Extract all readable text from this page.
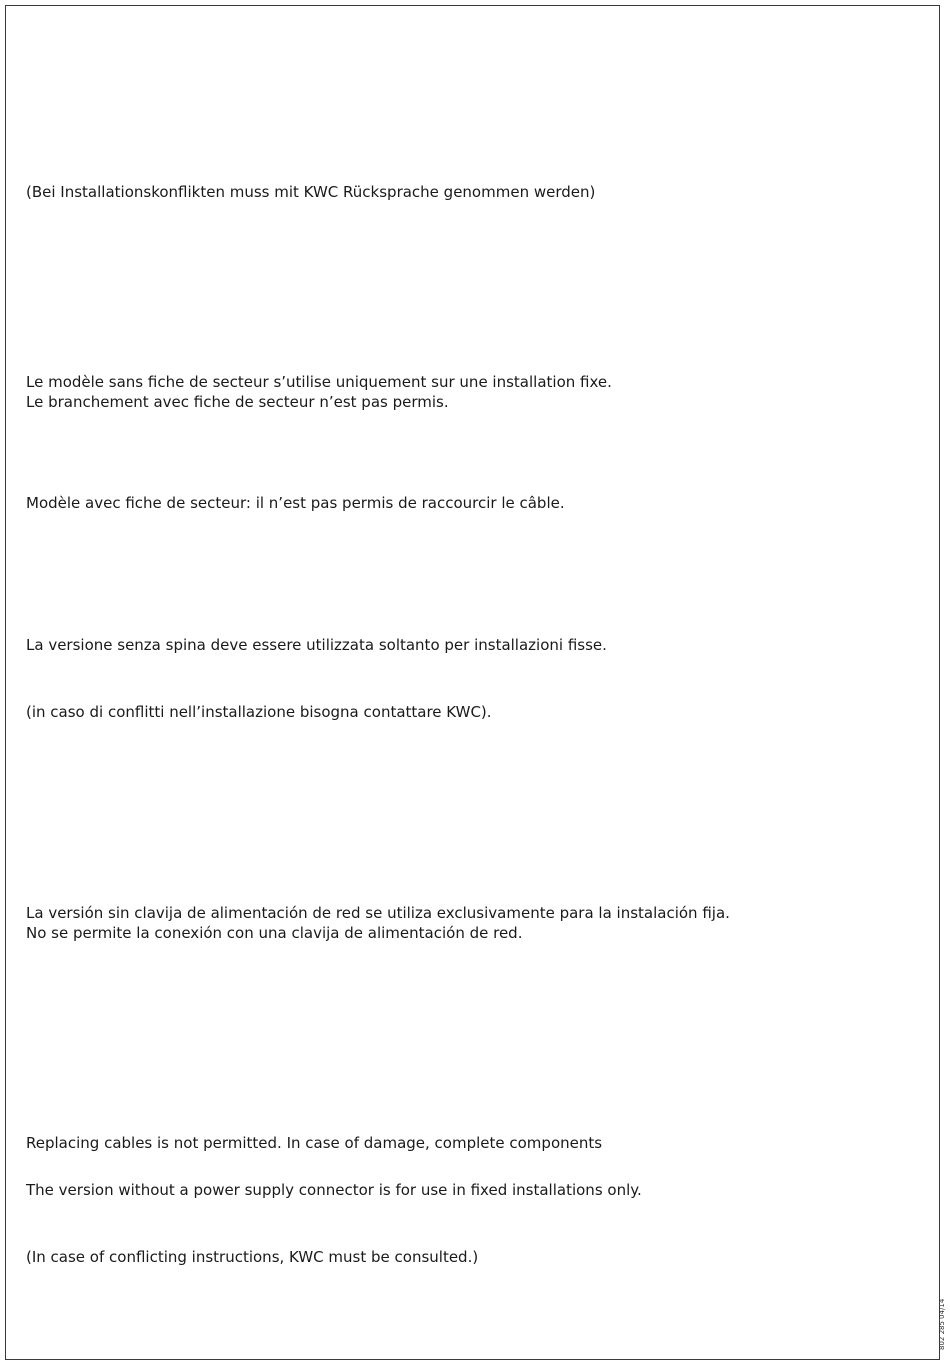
(Bei Installationskonflikten muss mit KWC Rücksprache genommen werden)
Le modèle sans fiche de secteur s’utilise uniquement sur une installation fixe.
Le branchement avec fiche de secteur n’est pas permis.
Modèle avec fiche de secteur: il n’est pas permis de raccourcir le câble.
La versione senza spina deve essere utilizzata soltanto per installazioni fisse.
(in caso di conflitti nell’installazione bisogna contattare KWC).
La versión sin clavija de alimentación de red se utiliza exclusivamente para la instalación fija.
No se permite la conexión con una clavija de alimentación de red.
Replacing cables is not permitted. In case of damage, complete components
The version without a power supply connector is for use in fixed installations only.
(In case of conflicting instructions, KWC must be consulted.)
802 285 04/14
